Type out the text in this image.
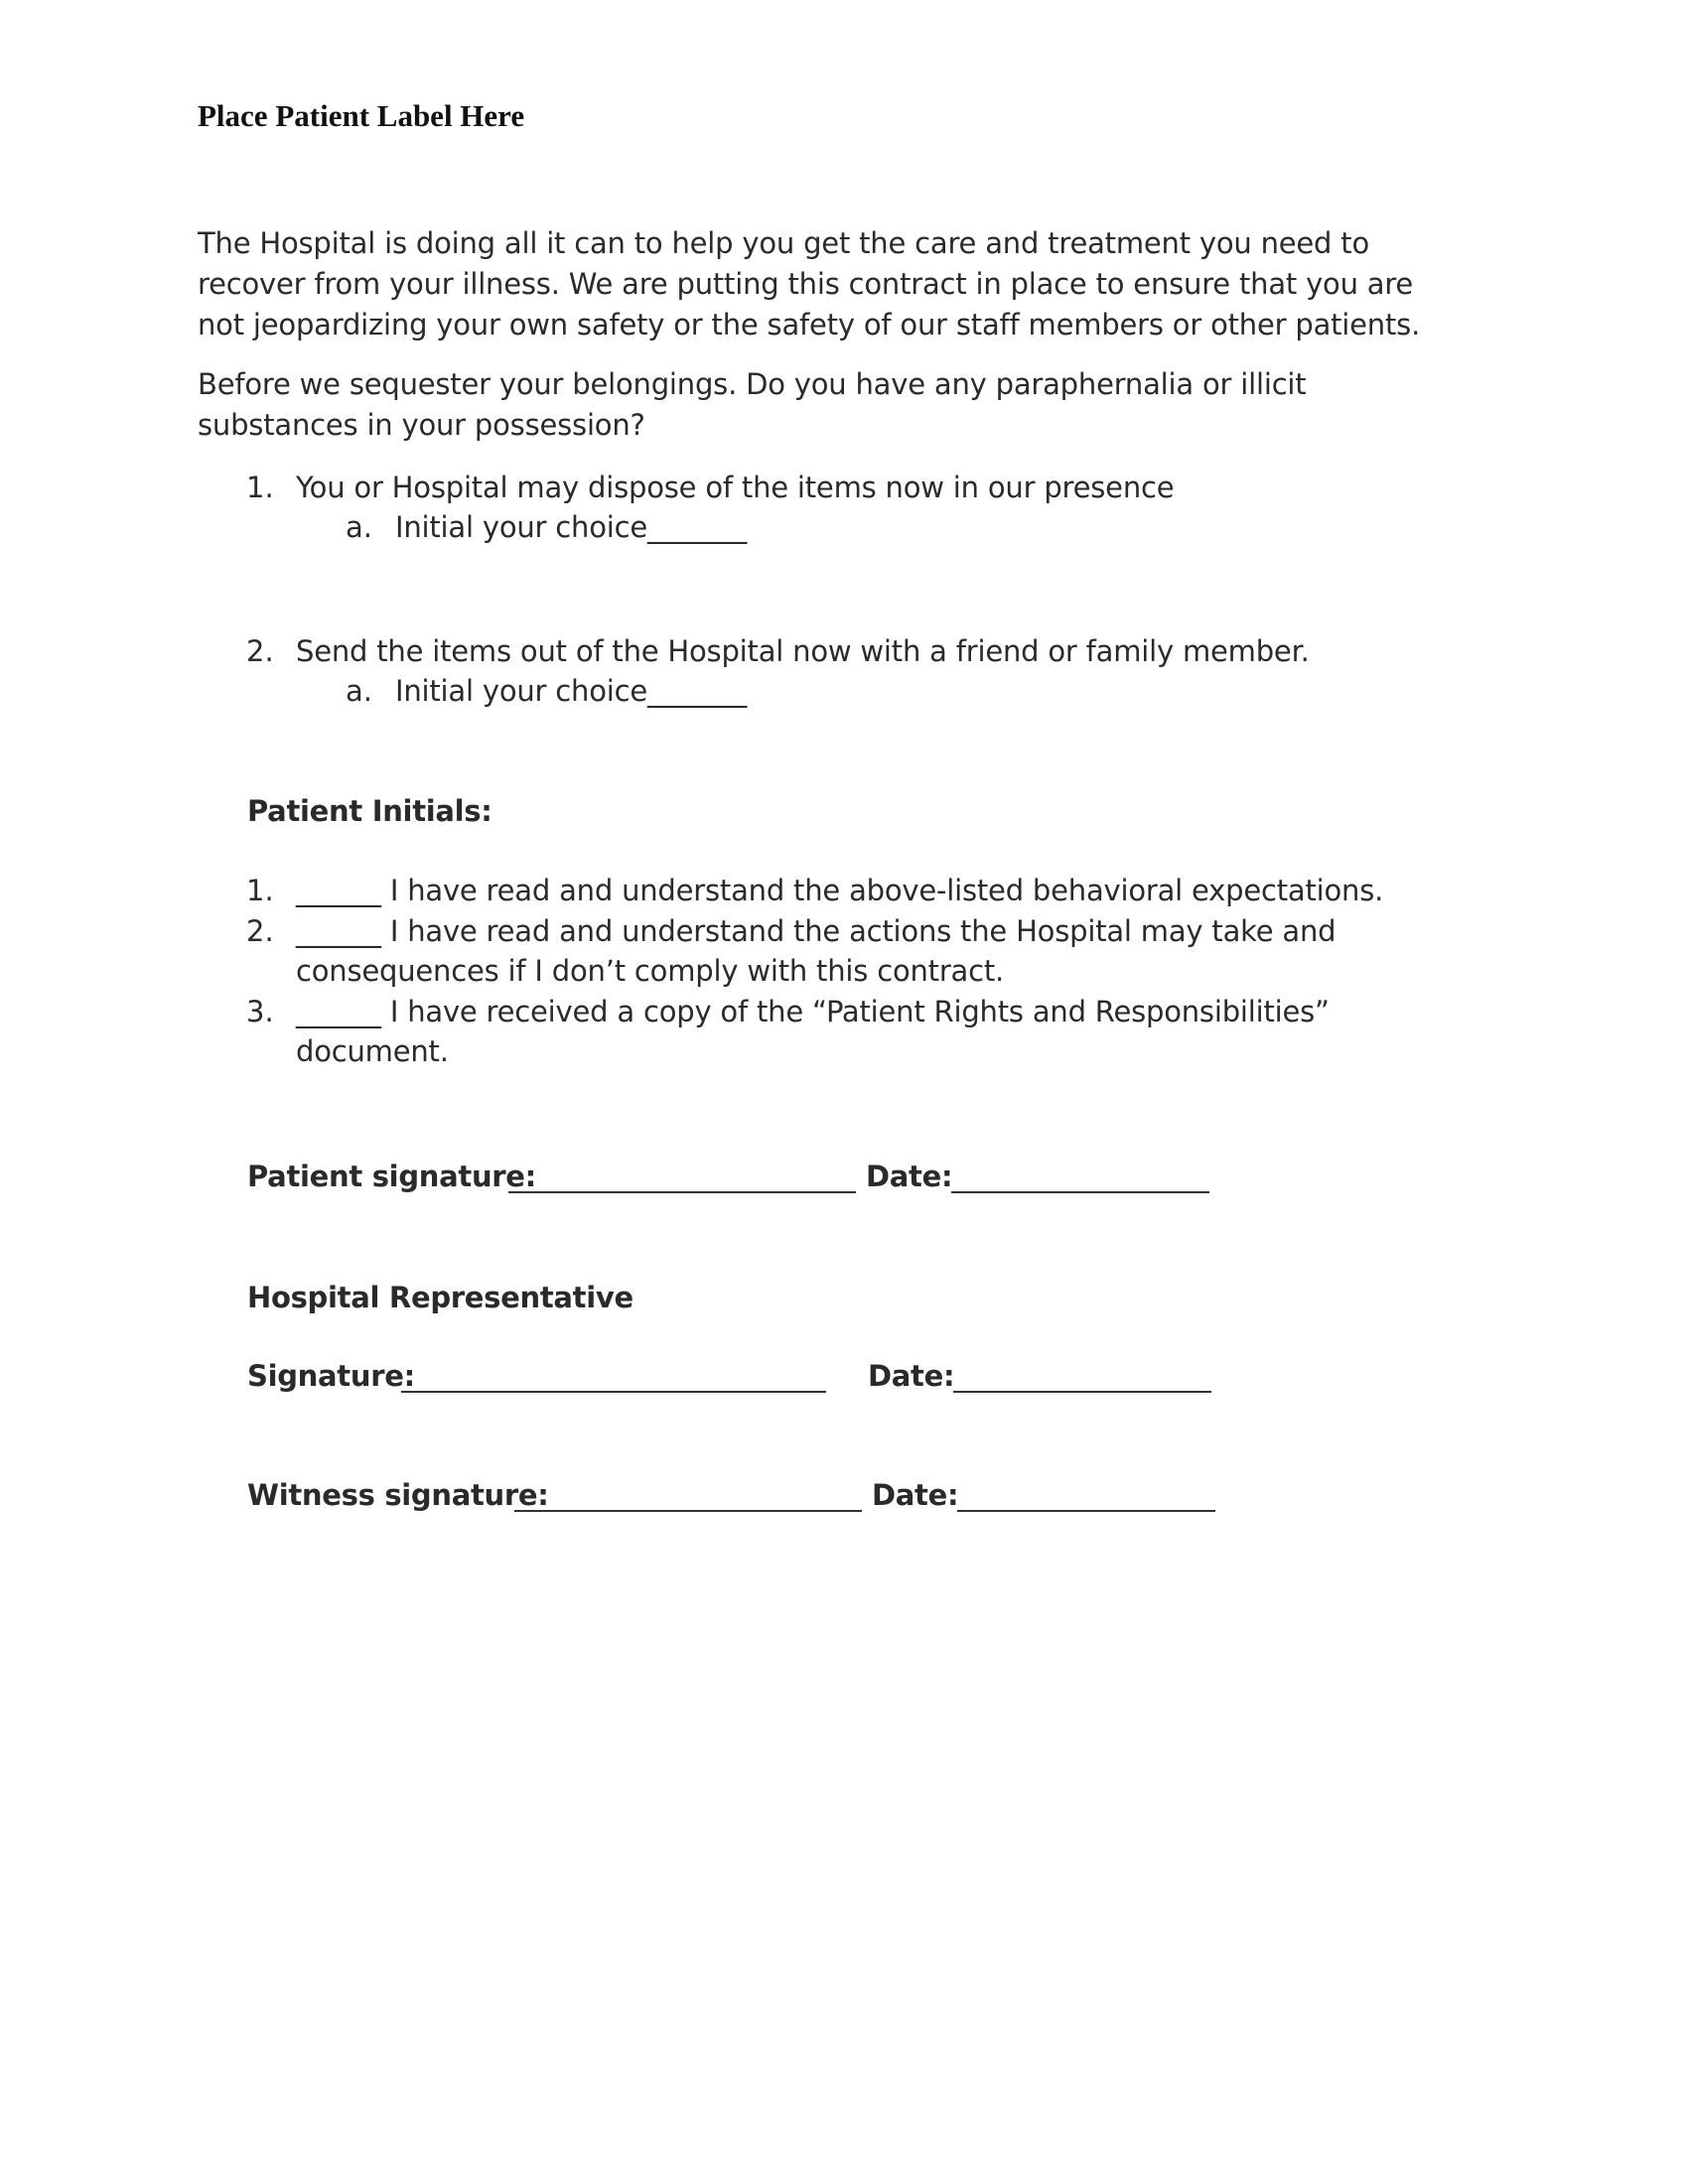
Place Patient Label Here
The Hospital is doing all it can to help you get the care and treatment you need to
recover from your illness. We are putting this contract in place to ensure that you are
not jeopardizing your own safety or the safety of our staff members or other patients.
Before we sequester your belongings. Do you have any paraphernalia or illicit
substances in your possession?
1. You or Hospital may dispose of the items now in our presence
a. Initial your choice_______
2. Send the items out of the Hospital now with a friend or family member.
a. Initial your choice_______
Patient Initials:
1. ______ I have read and understand the above-listed behavioral expectations.
2. ______ I have read and understand the actions the Hospital may take and
consequences if I don’t comply with this contract.
3. ______ I have received a copy of the “Patient Rights and Responsibilities”
document.
Patient signature:	Date:
Hospital Representative
Signature:	Date:
Witness signature:	Date:
